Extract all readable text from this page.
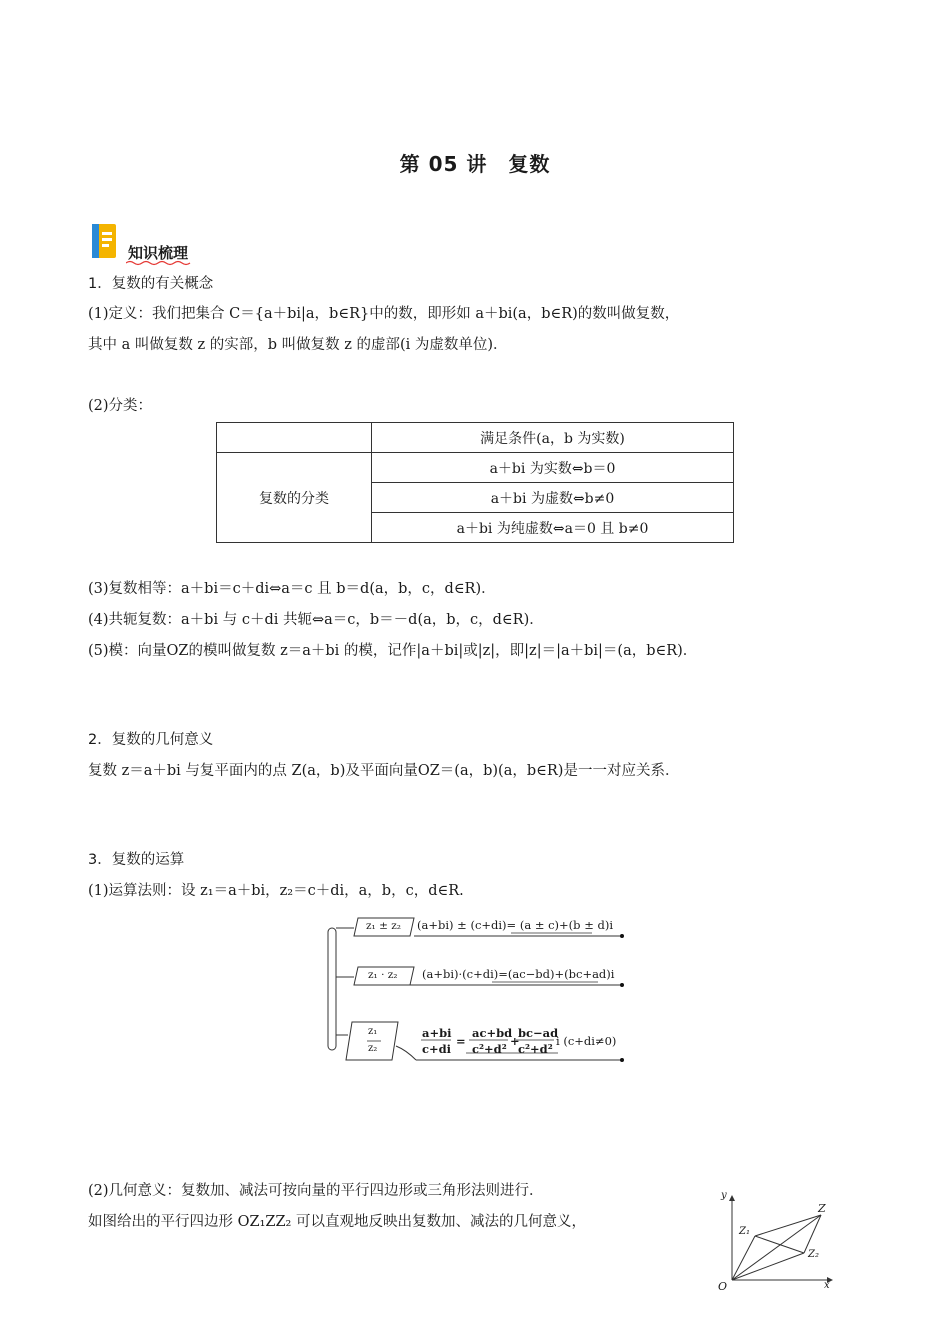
第 05 讲　复数
知识梳理
1．复数的有关概念
(1)定义：我们把集合 C＝{a＋bi|a，b∈R}中的数，即形如 a＋bi(a，b∈R)的数叫做复数，
其中 a 叫做复数 z 的实部，b 叫做复数 z 的虚部(i 为虚数单位)．
(2)分类：
	满足条件(a，b 为实数)
复数的分类	a＋bi 为实数⇔b＝0
	a＋bi 为虚数⇔b≠0
	a＋bi 为纯虚数⇔a＝0 且 b≠0
(3)复数相等：a＋bi＝c＋di⇔a＝c 且 b＝d(a，b，c，d∈R)．
(4)共轭复数：a＋bi 与 c＋di 共轭⇔a＝c，b＝－d(a，b，c，d∈R)．
(5)模：向量OZ的模叫做复数 z＝a＋bi 的模，记作|a＋bi|或|z|，即|z|＝|a＋bi|＝(a，b∈R)．
2．复数的几何意义
复数 z＝a＋bi 与复平面内的点 Z(a，b)及平面向量OZ＝(a，b)(a，b∈R)是一一对应关系．
3．复数的运算
(1)运算法则：设 z₁＝a＋bi，z₂＝c＋di，a，b，c，d∈R.
z₁ ± z₂ (a+bi) ± (c+di)= (a ± c)+(b ± d)i
z₁ · z₂ (a+bi)·(c+di)=(ac−bd)+(bc+ad)i
z₁
z₂
a+bi
c+di
=
ac+bd
c²+d²
+
bc−ad
c²+d²
i (c+di≠0)
(2)几何意义：复数加、减法可按向量的平行四边形或三角形法则进行．
如图给出的平行四边形 OZ₁ZZ₂ 可以直观地反映出复数加、减法的几何意义，
y
x
O
Z
Z₁
Z₂
